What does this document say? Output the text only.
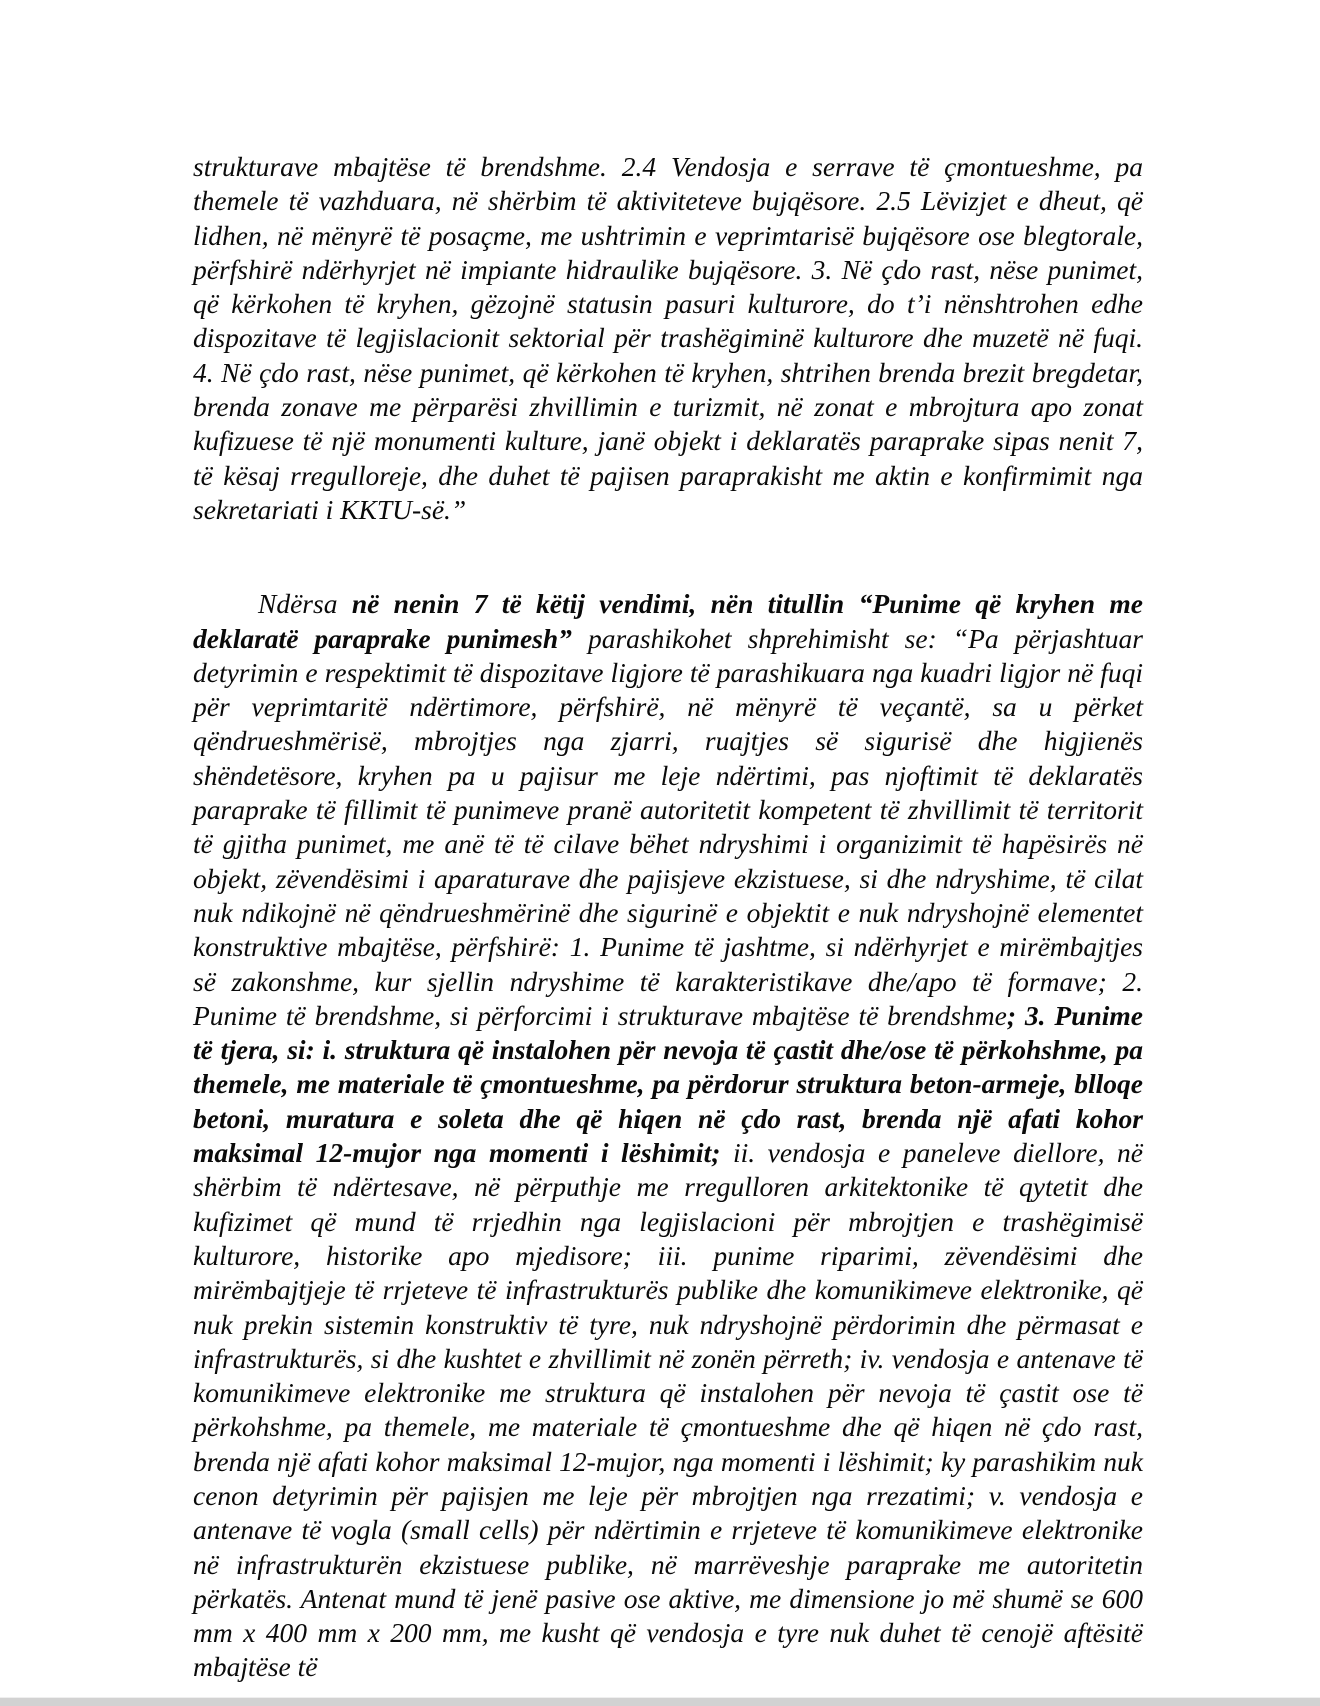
strukturave mbajtëse të brendshme. 2.4 Vendosja e serrave të çmontueshme, pa themele të vazhduara, në shërbim të aktiviteteve bujqësore. 2.5 Lëvizjet e dheut, që lidhen, në mënyrë të posaçme, me ushtrimin e veprimtarisë bujqësore ose blegtorale, përfshirë ndërhyrjet në impiante hidraulike bujqësore. 3. Në çdo rast, nëse punimet, që kërkohen të kryhen, gëzojnë statusin pasuri kulturore, do t’i nënshtrohen edhe dispozitave të legjislacionit sektorial për trashëgiminë kulturore dhe muzetë në fuqi. 4. Në çdo rast, nëse punimet, që kërkohen të kryhen, shtrihen brenda brezit bregdetar, brenda zonave me përparësi zhvillimin e turizmit, në zonat e mbrojtura apo zonat kufizuese të një monumenti kulture, janë objekt i deklaratës paraprake sipas nenit 7, të kësaj rregulloreje, dhe duhet të pajisen paraprakisht me aktin e konfirmimit nga sekretariati i KKTU-së.”

Ndërsa në nenin 7 të këtij vendimi, nën titullin “Punime që kryhen me deklaratë paraprake punimesh” parashikohet shprehimisht se: “Pa përjashtuar detyrimin e respektimit të dispozitave ligjore të parashikuara nga kuadri ligjor në fuqi për veprimtaritë ndërtimore, përfshirë, në mënyrë të veçantë, sa u përket qëndrueshmërisë, mbrojtjes nga zjarri, ruajtjes së sigurisë dhe higjienës shëndetësore, kryhen pa u pajisur me leje ndërtimi, pas njoftimit të deklaratës paraprake të fillimit të punimeve pranë autoritetit kompetent të zhvillimit të territorit të gjitha punimet, me anë të të cilave bëhet ndryshimi i organizimit të hapësirës në objekt, zëvendësimi i aparaturave dhe pajisjeve ekzistuese, si dhe ndryshime, të cilat nuk ndikojnë në qëndrueshmërinë dhe sigurinë e objektit e nuk ndryshojnë elementet konstruktive mbajtëse, përfshirë: 1. Punime të jashtme, si ndërhyrjet e mirëmbajtjes së zakonshme, kur sjellin ndryshime të karakteristikave dhe/apo të formave; 2. Punime të brendshme, si përforcimi i strukturave mbajtëse të brendshme; 3. Punime të tjera, si: i. struktura që instalohen për nevoja të çastit dhe/ose të përkohshme, pa themele, me materiale të çmontueshme, pa përdorur struktura beton-armeje, blloqe betoni, muratura e soleta dhe që hiqen në çdo rast, brenda një afati kohor maksimal 12-mujor nga momenti i lëshimit; ii. vendosja e paneleve diellore, në shërbim të ndërtesave, në përputhje me rregulloren arkitektonike të qytetit dhe kufizimet që mund të rrjedhin nga legjislacioni për mbrojtjen e trashëgimisë kulturore, historike apo mjedisore; iii. punime riparimi, zëvendësimi dhe mirëmbajtjeje të rrjeteve të infrastrukturës publike dhe komunikimeve elektronike, që nuk prekin sistemin konstruktiv të tyre, nuk ndryshojnë përdorimin dhe përmasat e infrastrukturës, si dhe kushtet e zhvillimit në zonën përreth; iv. vendosja e antenave të komunikimeve elektronike me struktura që instalohen për nevoja të çastit ose të përkohshme, pa themele, me materiale të çmontueshme dhe që hiqen në çdo rast, brenda një afati kohor maksimal 12-mujor, nga momenti i lëshimit; ky parashikim nuk cenon detyrimin për pajisjen me leje për mbrojtjen nga rrezatimi; v. vendosja e antenave të vogla (small cells) për ndërtimin e rrjeteve të komunikimeve elektronike në infrastrukturën ekzistuese publike, në marrëveshje paraprake me autoritetin përkatës. Antenat mund të jenë pasive ose aktive, me dimensione jo më shumë se 600 mm x 400 mm x 200 mm, me kusht që vendosja e tyre nuk duhet të cenojë aftësitë mbajtëse të
